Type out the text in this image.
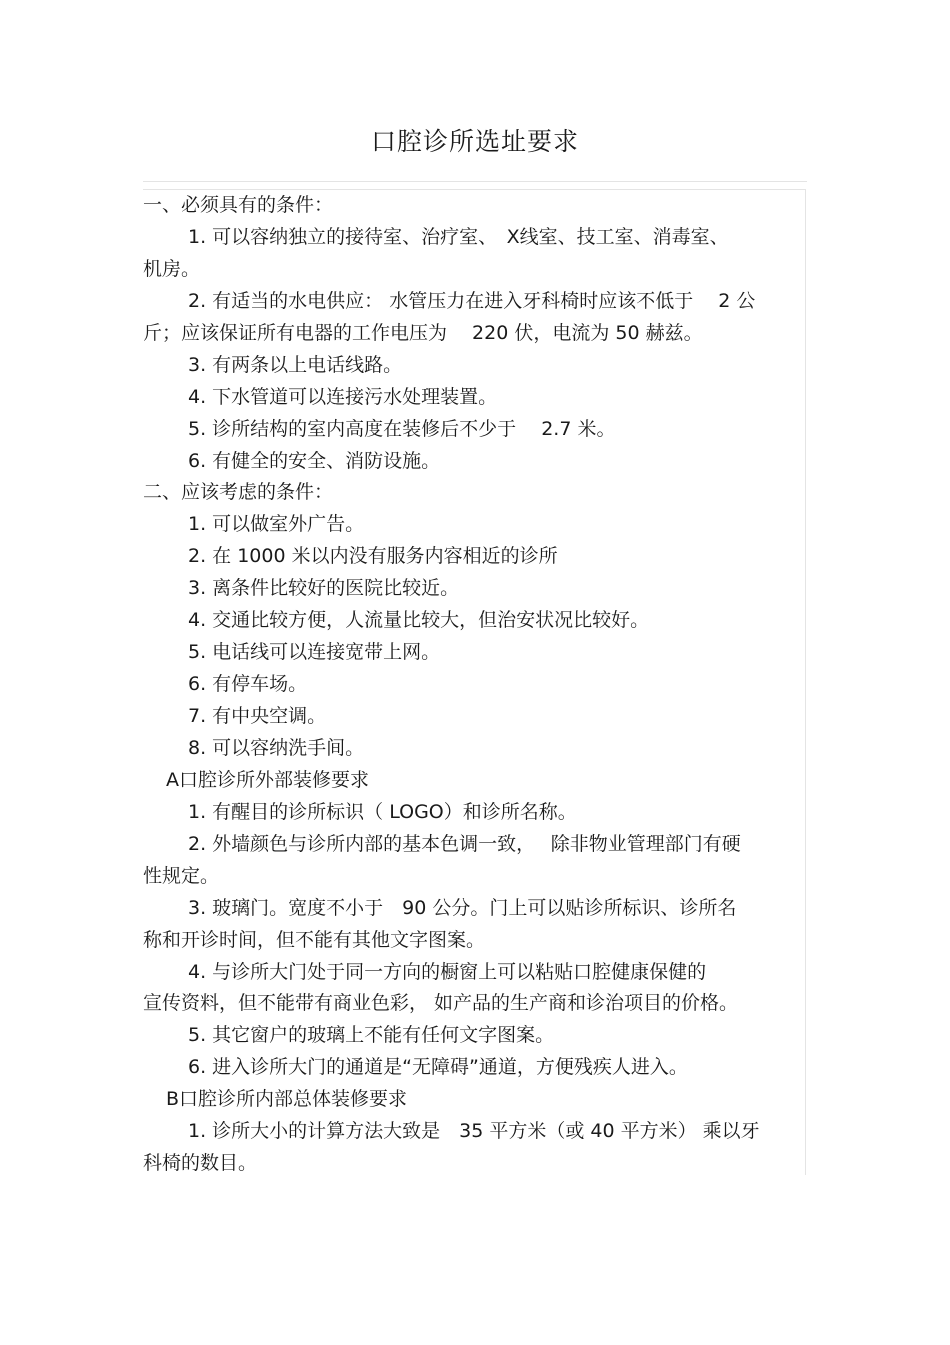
口腔诊所选址要求
一、必须具有的条件：
1. 可以容纳独立的接待室、治疗室、　X线室、技工室、消毒室、
机房。
2. 有适当的水电供应： 水管压力在进入牙科椅时应该不低于　 2 公
斤；应该保证所有电器的工作电压为　 220 伏，电流为 50 赫兹。
3. 有两条以上电话线路。
4. 下水管道可以连接污水处理装置。
5. 诊所结构的室内高度在装修后不少于　 2.7 米。
6. 有健全的安全、消防设施。
二、应该考虑的条件：
1. 可以做室外广告。
2. 在 1000 米以内没有服务内容相近的诊所
3. 离条件比较好的医院比较近。
4. 交通比较方便，人流量比较大，但治安状况比较好。
5. 电话线可以连接宽带上网。
6. 有停车场。
7. 有中央空调。
8. 可以容纳洗手间。
A口腔诊所外部装修要求
1. 有醒目的诊所标识（ LOGO）和诊所名称。
2. 外墙颜色与诊所内部的基本色调一致，　 除非物业管理部门有硬
性规定。
3. 玻璃门。宽度不小于　90 公分。门上可以贴诊所标识、诊所名
称和开诊时间，但不能有其他文字图案。
4. 与诊所大门处于同一方向的橱窗上可以粘贴口腔健康保健的
宣传资料，但不能带有商业色彩， 如产品的生产商和诊治项目的价格。
5. 其它窗户的玻璃上不能有任何文字图案。
6. 进入诊所大门的通道是“无障碍”通道，方便残疾人进入。
B口腔诊所内部总体装修要求
1. 诊所大小的计算方法大致是　35 平方米（或 40 平方米） 乘以牙
科椅的数目。
